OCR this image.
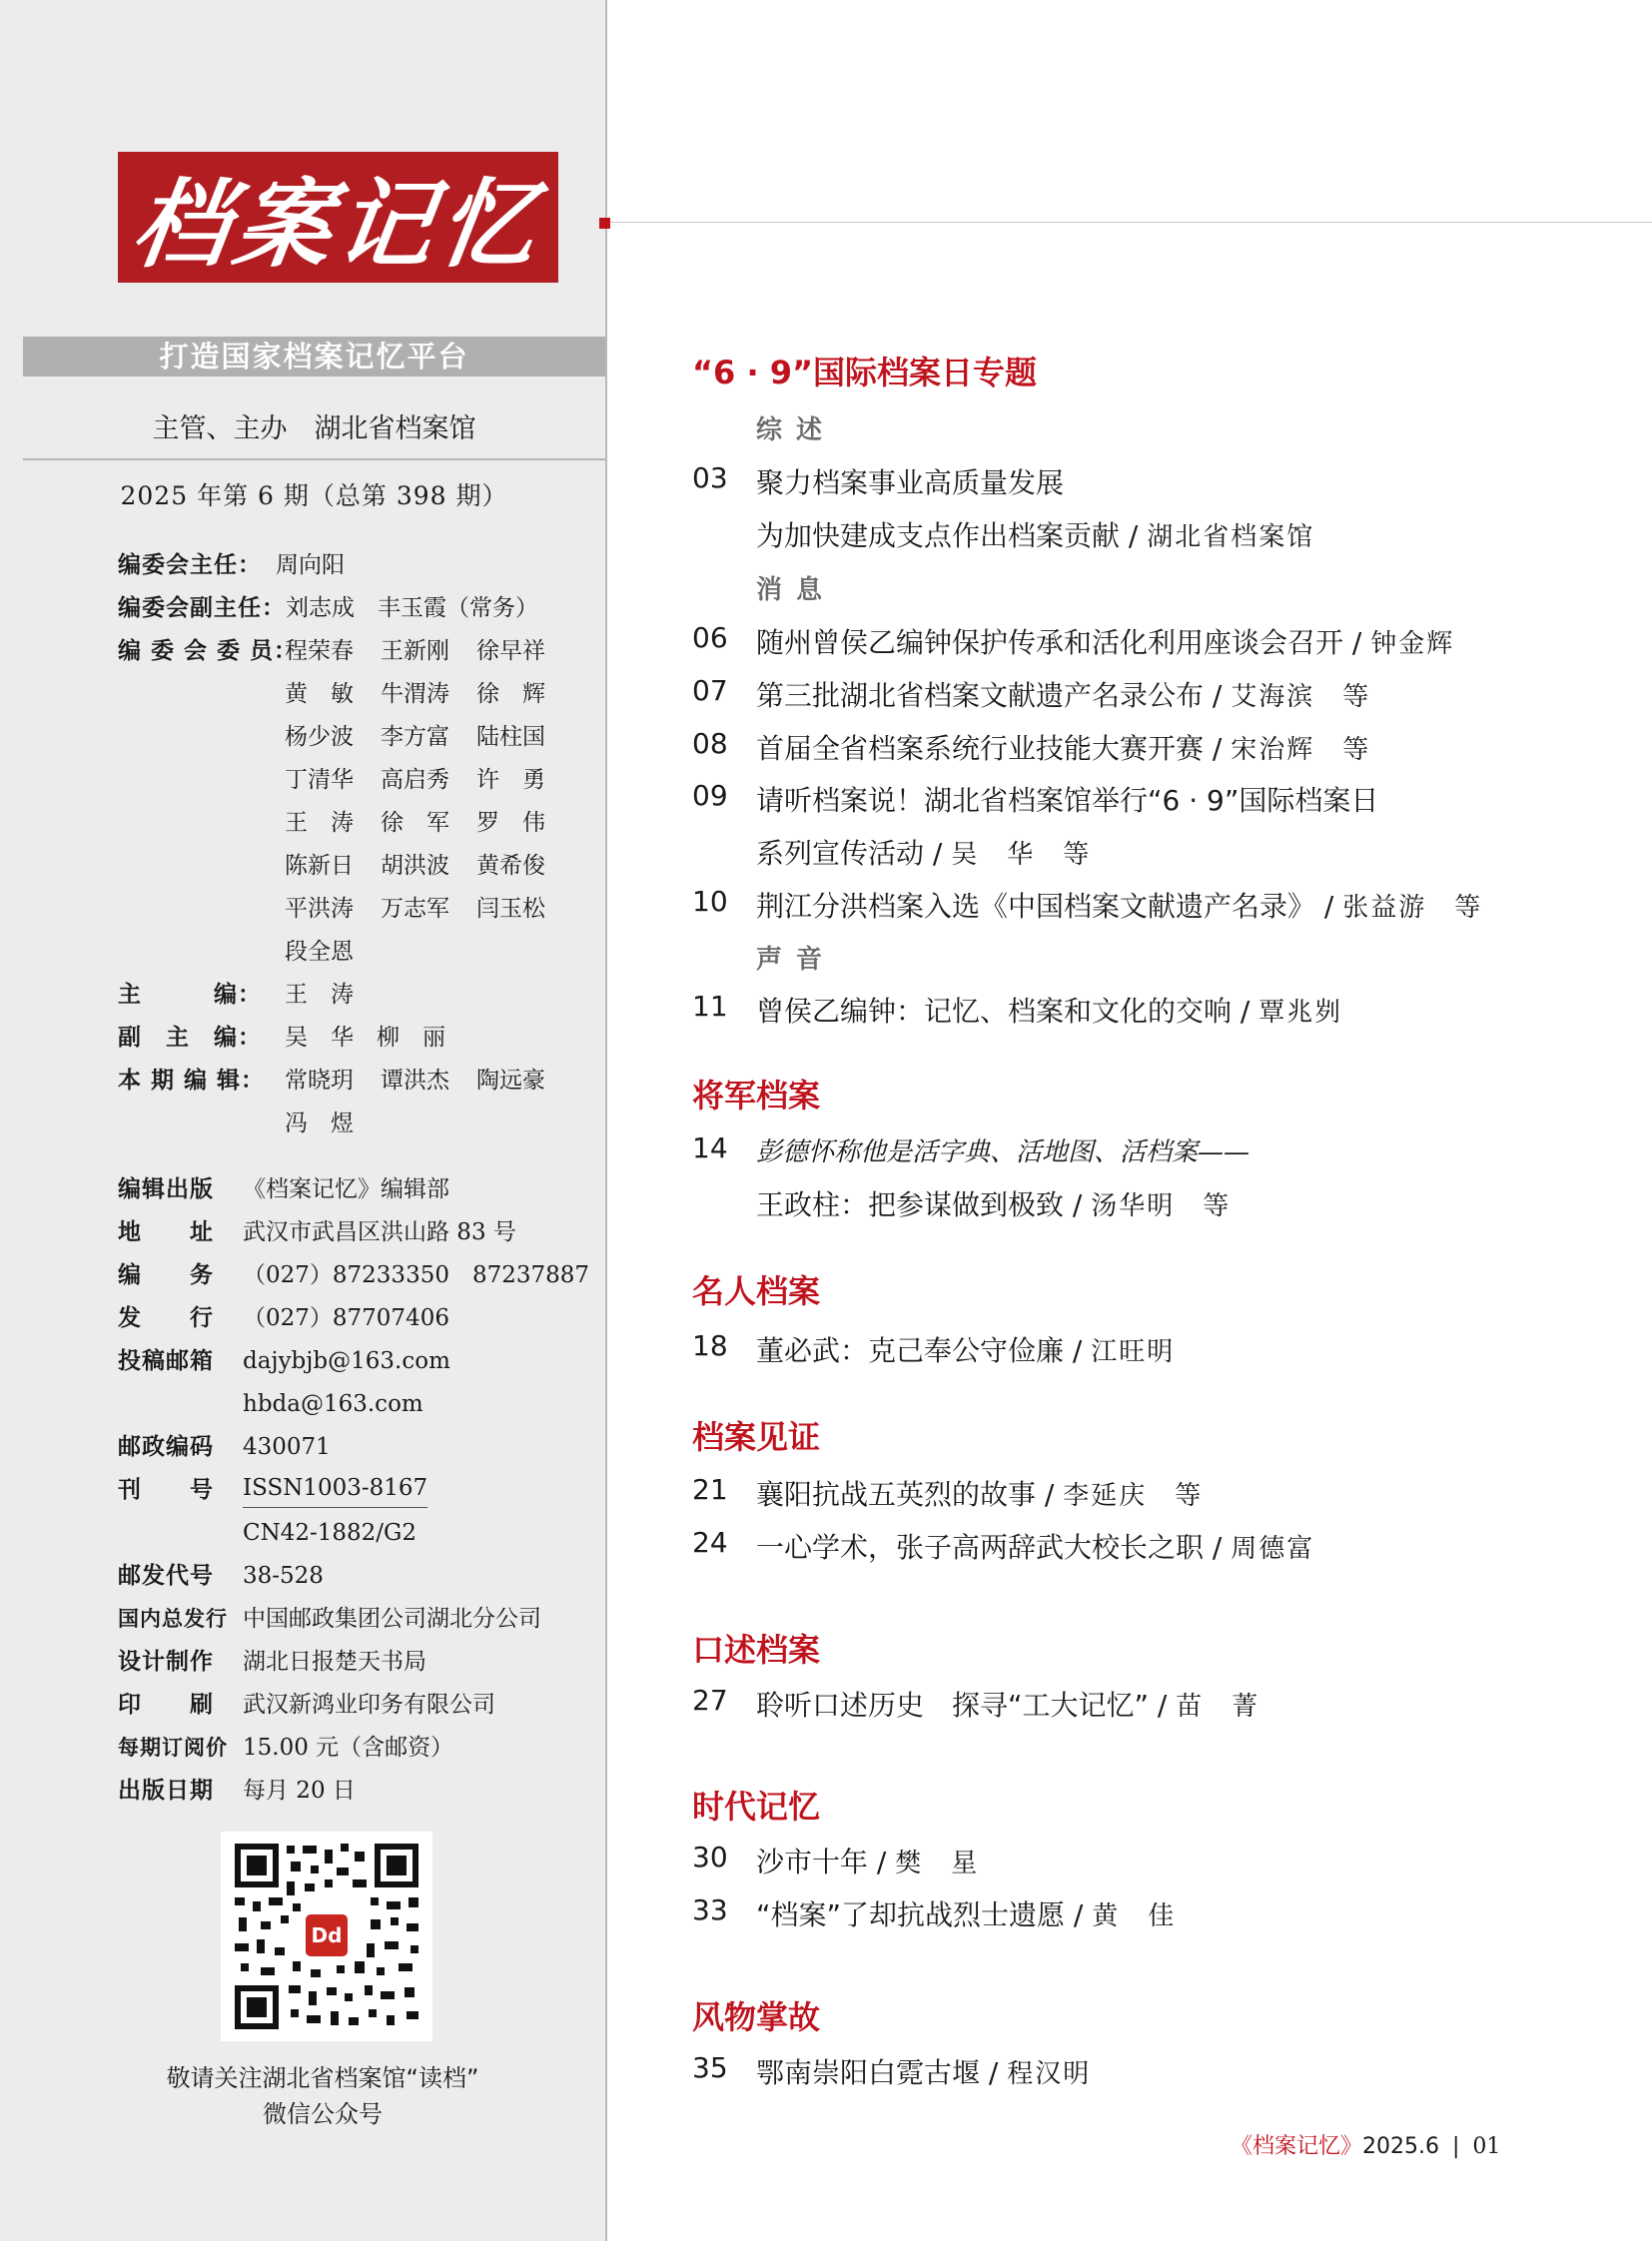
档案记忆
打造国家档案记忆平台
主管、主办　湖北省档案馆
2025 年第 6 期（总第 398 期）
编委会主任： 周向阳
编委会副主任： 刘志成　丰玉霞（常务）
编 委 会 委 员：
程荣春 王新刚 徐早祥
黄　敏 牛渭涛 徐　辉
杨少波 李方富 陆柱国
丁清华 高启秀 许　勇
王　涛 徐　军 罗　伟
陈新日 胡洪波 黄希俊
平洪涛 万志军 闫玉松
段全恩
主　　　编： 王　涛
副　主　编： 吴　华　柳　丽
本 期 编 辑： 常晓玥 谭洪杰 陶远豪
冯　煜
编辑出版 《档案记忆》编辑部
地　　址 武汉市武昌区洪山路 83 号
编　　务 （027）87233350　87237887
发　　行 （027）87707406
投稿邮箱 dajybjb@163.com
hbda@163.com
邮政编码 430071
刊　　号 ISSN1003-8167
CN42-1882/G2
邮发代号 38-528
国内总发行 中国邮政集团公司湖北分公司
设计制作 湖北日报楚天书局
印　　刷 武汉新鸿业印务有限公司
每期订阅价 15.00 元（含邮资）
出版日期 每月 20 日
Dd
敬请关注湖北省档案馆“读档”
微信公众号
“6 · 9”国际档案日专题
综述
03 聚力档案事业高质量发展
为加快建成支点作出档案贡献 / 湖北省档案馆
消息
06 随州曾侯乙编钟保护传承和活化利用座谈会召开 / 钟金辉
07 第三批湖北省档案文献遗产名录公布 / 艾海滨　等
08 首届全省档案系统行业技能大赛开赛 / 宋治辉　等
09 请听档案说！湖北省档案馆举行“6 · 9”国际档案日
系列宣传活动 / 吴　华　等
10 荆江分洪档案入选《中国档案文献遗产名录》 / 张益游　等
声音
11 曾侯乙编钟：记忆、档案和文化的交响 / 覃兆刿
将军档案
14 彭德怀称他是活字典、活地图、活档案——
王政柱：把参谋做到极致 / 汤华明　等
名人档案
18 董必武：克己奉公守俭廉 / 江旺明
档案见证
21 襄阳抗战五英烈的故事 / 李延庆　等
24 一心学术，张子高两辞武大校长之职 / 周德富
口述档案
27 聆听口述历史　探寻“工大记忆” / 苗　菁
时代记忆
30 沙市十年 / 樊　星
33 “档案”了却抗战烈士遗愿 / 黄　佳
风物掌故
35 鄂南崇阳白霓古堰 / 程汉明
《档案记忆》2025.6 | 01
